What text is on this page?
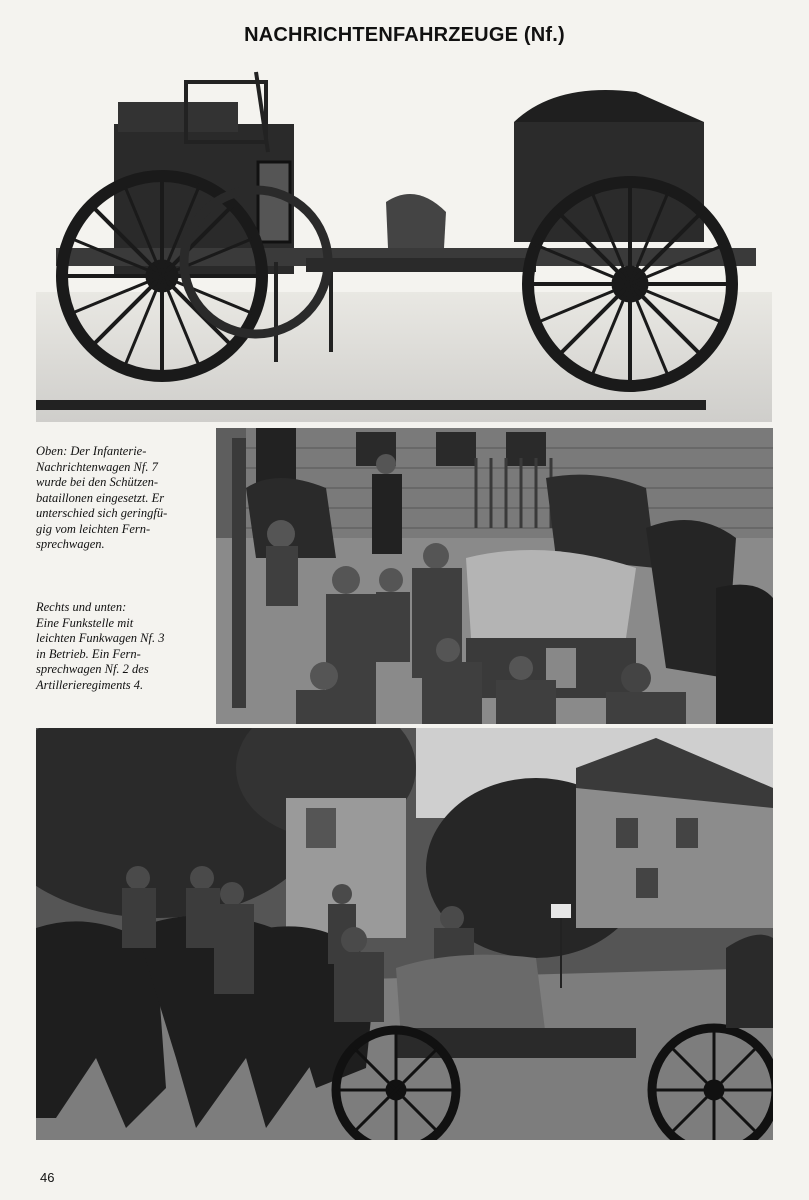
NACHRICHTENFAHRZEUGE (Nf.)

Oben: Der Infanterie-
Nachrichtenwagen Nf. 7
wurde bei den Schützen-
bataillonen eingesetzt. Er
unterschied sich geringfü-
gig vom leichten Fern-
sprechwagen.

Rechts und unten:
Eine Funkstelle mit
leichten Funkwagen Nf. 3
in Betrieb. Ein Fern-
sprechwagen Nf. 2 des
Artillerieregiments 4.

46
